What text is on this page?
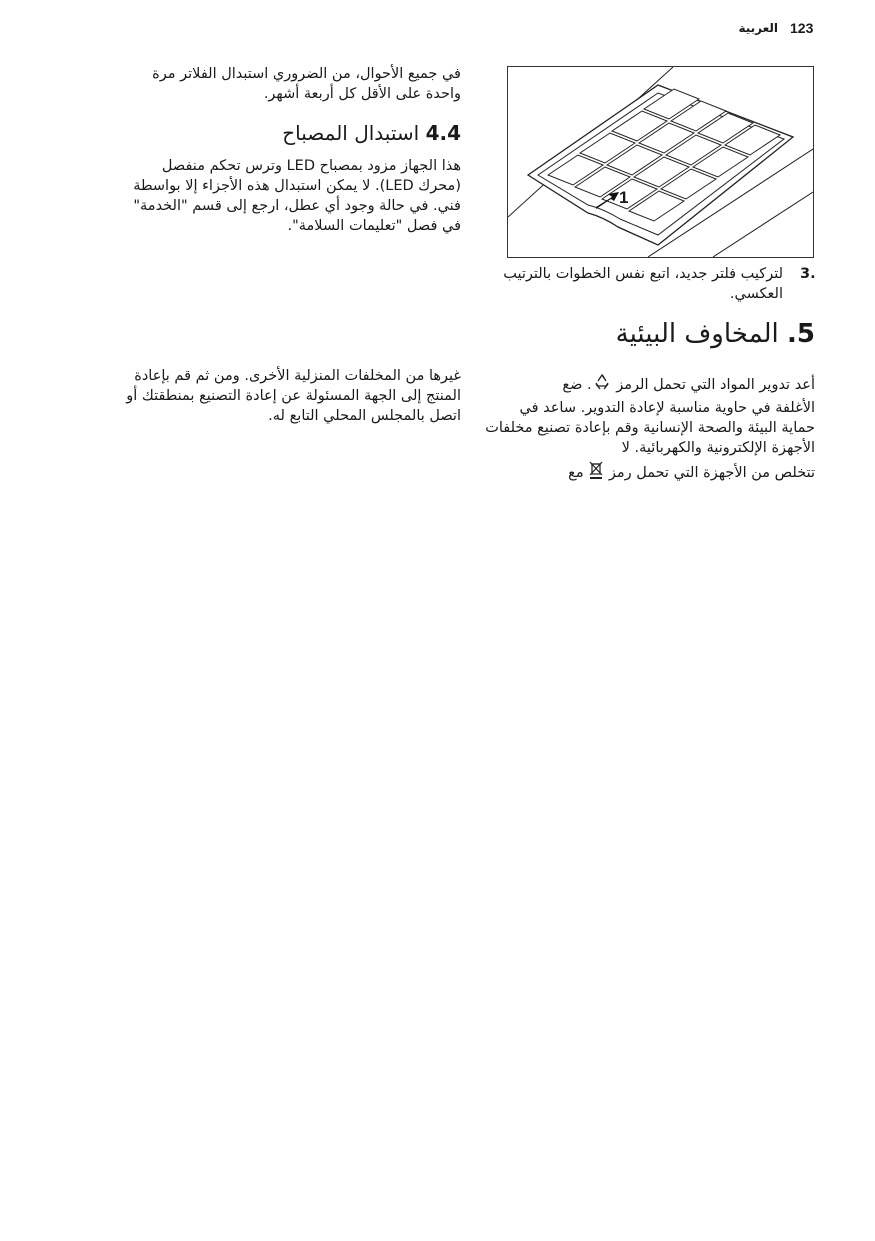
123
العربية
في جميع الأحوال، من الضروري استبدال الفلاتر مرة واحدة على الأقل كل أربعة أشهر.
4.4 استبدال المصباح
هذا الجهاز مزود بمصباح LED وترس تحكم منفصل (محرك LED). لا يمكن استبدال هذه الأجزاء إلا بواسطة فني. في حالة وجود أي عطل، ارجع إلى قسم "الخدمة" في فصل "تعليمات السلامة".
غيرها من المخلفات المنزلية الأخرى. ومن ثم قم بإعادة المنتج إلى الجهة المسئولة عن إعادة التصنيع بمنطقتك أو اتصل بالمجلس المحلي التابع له.
1
3.
لتركيب فلتر جديد، اتبع نفس الخطوات بالترتيب العكسي.
5. المخاوف البيئية
أعد تدوير المواد التي تحمل الرمز . ضع
الأغلفة في حاوية مناسبة لإعادة التدوير. ساعد في حماية البيئة والصحة الإنسانية وقم بإعادة تصنيع مخلفات الأجهزة الإلكترونية والكهربائية. لا
تتخلص من الأجهزة التي تحمل رمز  مع
